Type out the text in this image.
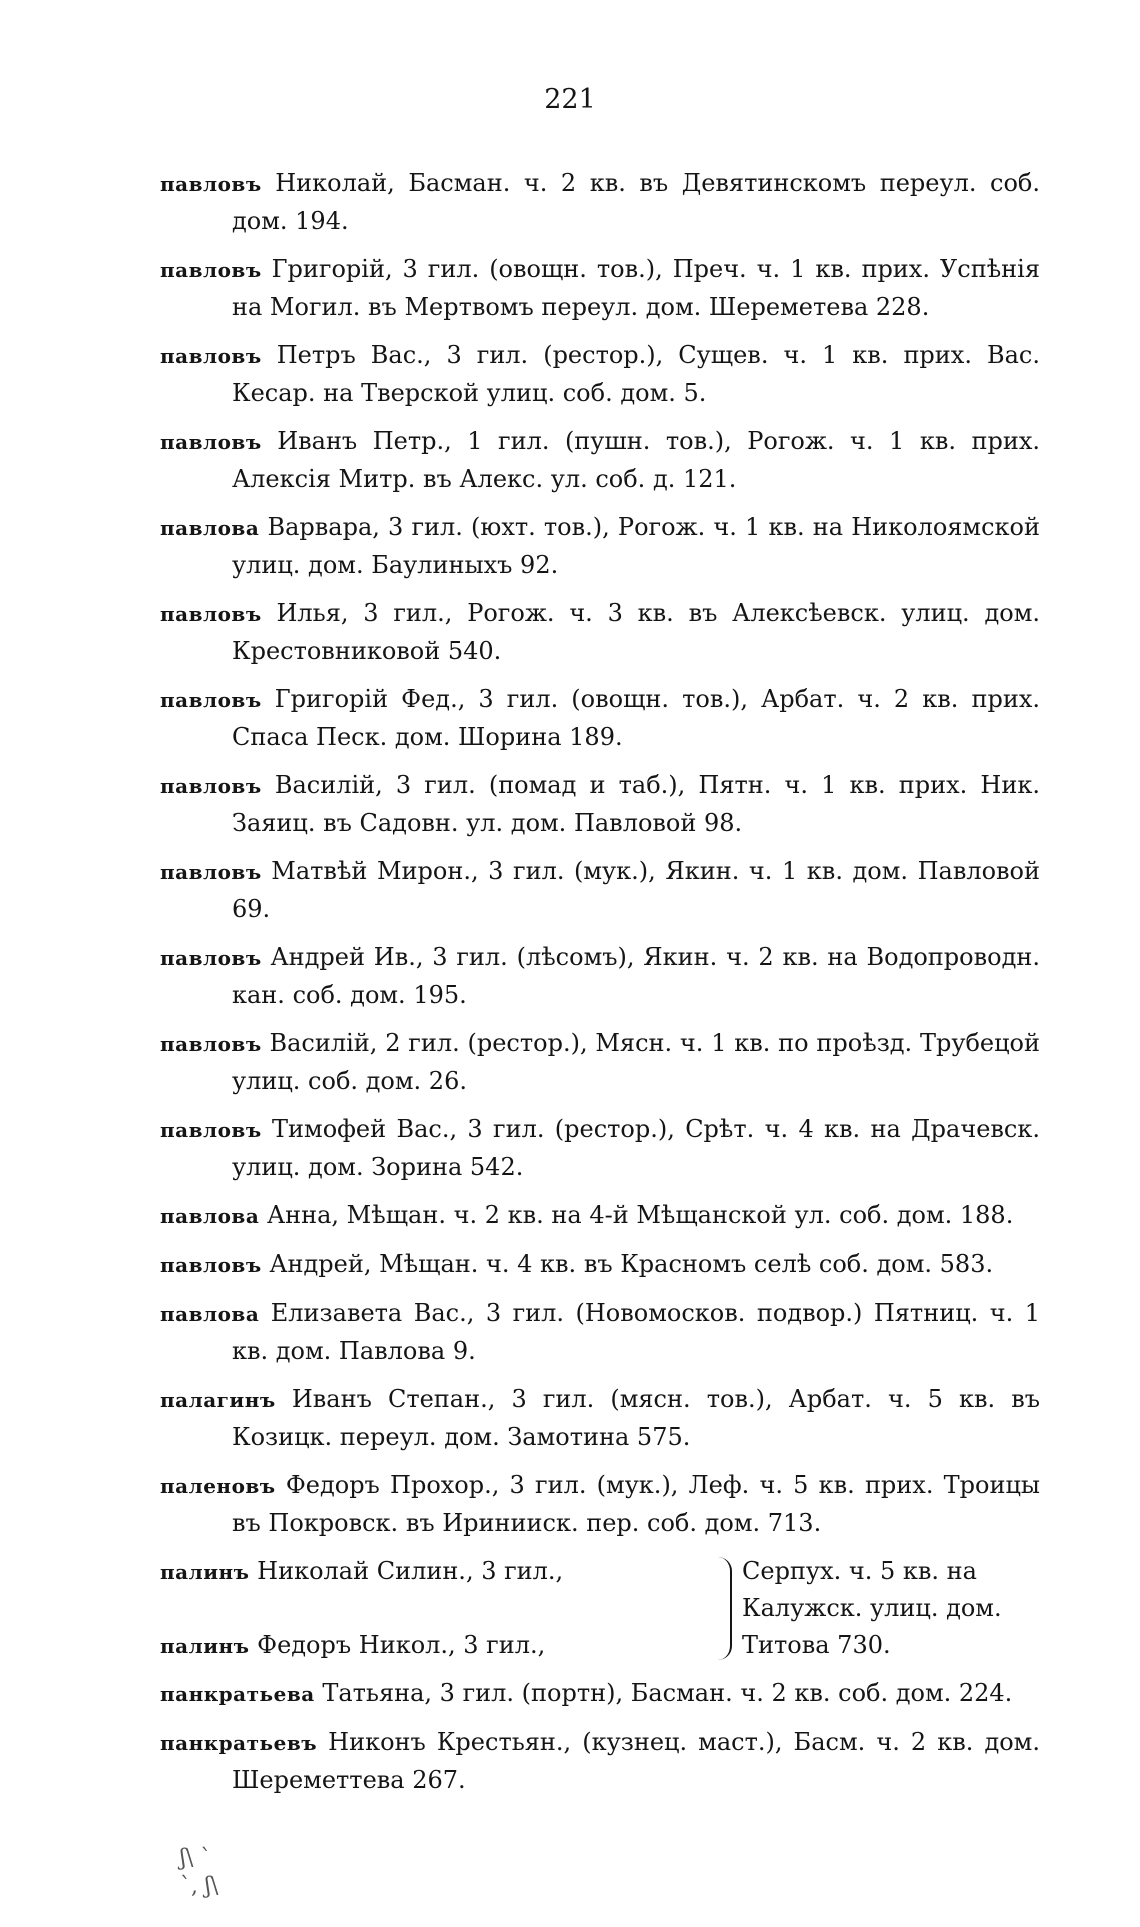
221
павловъ Николай, Басман. ч. 2 кв. въ Девятинскомъ переул. соб. дом. 194.
павловъ Григорій, 3 гил. (овощн. тов.), Преч. ч. 1 кв. прих. Успѣнія на Могил. въ Мертвомъ переул. дом. Шереметева 228.
павловъ Петръ Вас., 3 гил. (рестор.), Сущев. ч. 1 кв. прих. Вас. Кесар. на Тверской улиц. соб. дом. 5.
павловъ Иванъ Петр., 1 гил. (пушн. тов.), Рогож. ч. 1 кв. прих. Алексія Митр. въ Алекс. ул. соб. д. 121.
павлова Варвара, 3 гил. (юхт. тов.), Рогож. ч. 1 кв. на Николоямской улиц. дом. Баулиныхъ 92.
павловъ Илья, 3 гил., Рогож. ч. 3 кв. въ Алексѣевск. улиц. дом. Крестовниковой 540.
павловъ Григорій Фед., 3 гил. (овощн. тов.), Арбат. ч. 2 кв. прих. Спаса Песк. дом. Шорина 189.
павловъ Василій, 3 гил. (помад и таб.), Пятн. ч. 1 кв. прих. Ник. Заяиц. въ Садовн. ул. дом. Павловой 98.
павловъ Матвѣй Мирон., 3 гил. (мук.), Якин. ч. 1 кв. дом. Павловой 69.
павловъ Андрей Ив., 3 гил. (лѣсомъ), Якин. ч. 2 кв. на Водопроводн. кан. соб. дом. 195.
павловъ Василій, 2 гил. (рестор.), Мясн. ч. 1 кв. по проѣзд. Трубецой улиц. соб. дом. 26.
павловъ Тимофей Вас., 3 гил. (рестор.), Срѣт. ч. 4 кв. на Драчевск. улиц. дом. Зорина 542.
павлова Анна, Мѣщан. ч. 2 кв. на 4-й Мѣщанской ул. соб. дом. 188.
павловъ Андрей, Мѣщан. ч. 4 кв. въ Красномъ селѣ соб. дом. 583.
павлова Елизавета Вас., 3 гил. (Новомосков. подвор.) Пятниц. ч. 1 кв. дом. Павлова 9.
палагинъ Иванъ Степан., 3 гил. (мясн. тов.), Арбат. ч. 5 кв. въ Козицк. переул. дом. Замотина 575.
паленовъ Федоръ Прохор., 3 гил. (мук.), Леф. ч. 5 кв. прих. Троицы въ Покровск. въ Иринииск. пер. соб. дом. 713.
палинъ Николай Силин., 3 гил.,
палинъ Федоръ Никол., 3 гил.,
Серпух. ч. 5 кв. на Калужск. улиц. дом. Титова 730.
панкратьева Татьяна, 3 гил. (портн), Басман. ч. 2 кв. соб. дом. 224.
панкратьевъ Никонъ Крестьян., (кузнец. маст.), Басм. ч. 2 кв. дом. Шереметтева 267.
ʃ\ ˋ
ˋ, ʃ\
